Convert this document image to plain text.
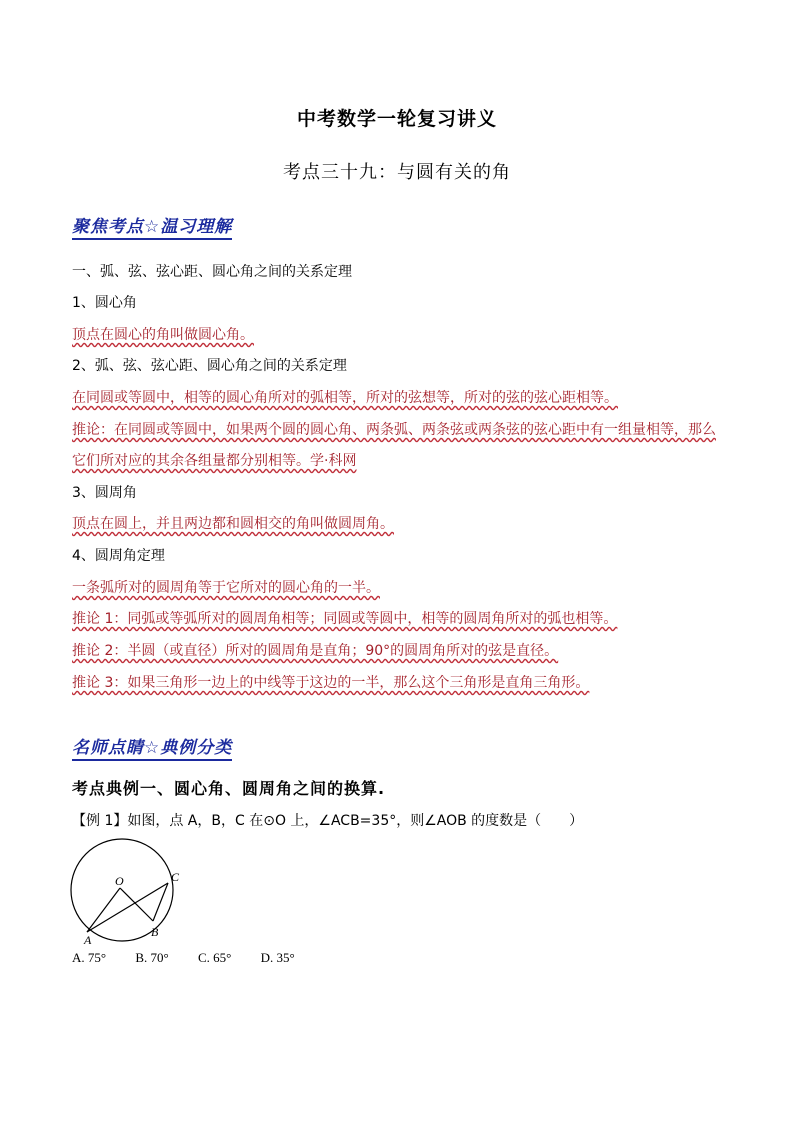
中考数学一轮复习讲义
考点三十九：与圆有关的角
聚焦考点☆温习理解
一、弧、弦、弦心距、圆心角之间的关系定理
1、圆心角
顶点在圆心的角叫做圆心角。
2、弧、弦、弦心距、圆心角之间的关系定理
在同圆或等圆中，相等的圆心角所对的弧相等，所对的弦想等，所对的弦的弦心距相等。
推论：在同圆或等圆中，如果两个圆的圆心角、两条弧、两条弦或两条弦的弦心距中有一组量相等，那么
它们所对应的其余各组量都分别相等。学·科网
3、圆周角
顶点在圆上，并且两边都和圆相交的角叫做圆周角。
4、圆周角定理
一条弧所对的圆周角等于它所对的圆心角的一半。
推论 1：同弧或等弧所对的圆周角相等；同圆或等圆中，相等的圆周角所对的弧也相等。
推论 2：半圆（或直径）所对的圆周角是直角；90°的圆周角所对的弦是直径。
推论 3：如果三角形一边上的中线等于这边的一半，那么这个三角形是直角三角形。
名师点睛☆典例分类
考点典例一、圆心角、圆周角之间的换算.
【例 1】如图，点 A，B，C 在⊙O 上，∠ACB=35°，则∠AOB 的度数是（　　）
O	C
A
B
A. 75° B. 70° C. 65° D. 35°
